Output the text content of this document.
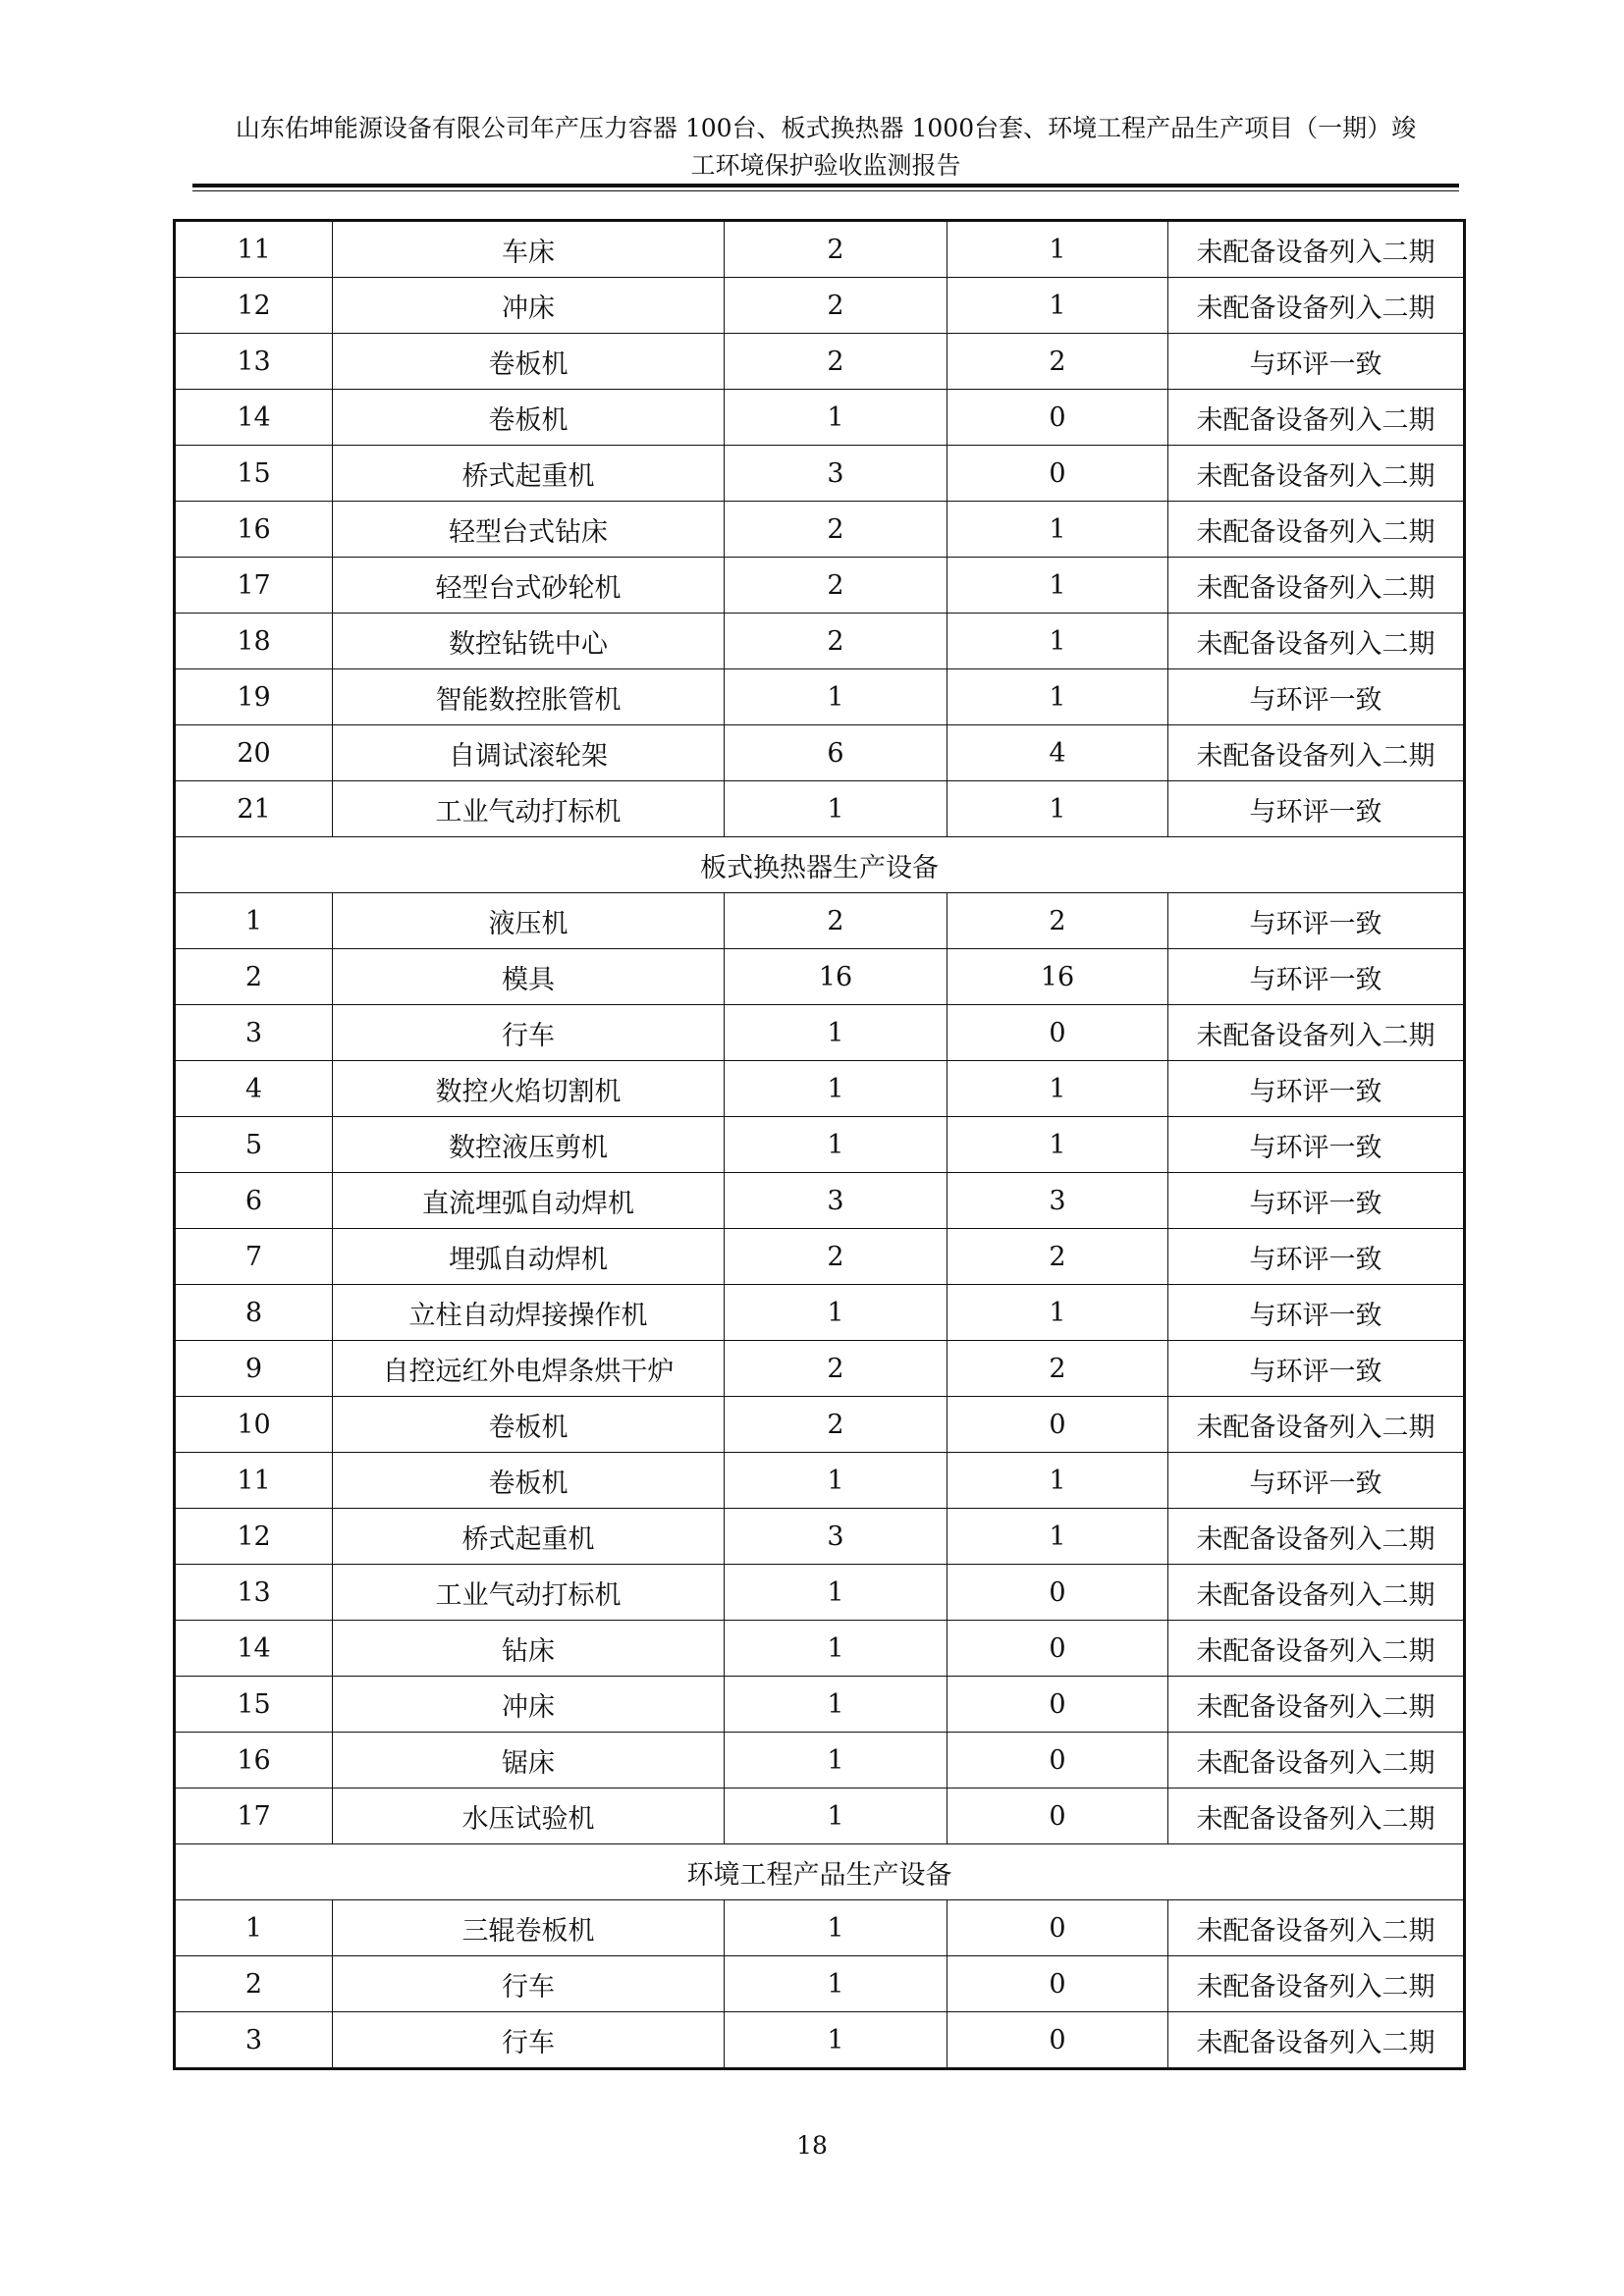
山东佑坤能源设备有限公司年产压力容器 100台、板式换热器 1000台套、环境工程产品生产项目（一期）竣
工环境保护验收监测报告
11	车床	2	1	未配备设备列入二期
12	冲床	2	1	未配备设备列入二期
13	卷板机	2	2	与环评一致
14	卷板机	1	0	未配备设备列入二期
15	桥式起重机	3	0	未配备设备列入二期
16	轻型台式钻床	2	1	未配备设备列入二期
17	轻型台式砂轮机	2	1	未配备设备列入二期
18	数控钻铣中心	2	1	未配备设备列入二期
19	智能数控胀管机	1	1	与环评一致
20	自调试滚轮架	6	4	未配备设备列入二期
21	工业气动打标机	1	1	与环评一致
板式换热器生产设备				
1	液压机	2	2	与环评一致
2	模具	16	16	与环评一致
3	行车	1	0	未配备设备列入二期
4	数控火焰切割机	1	1	与环评一致
5	数控液压剪机	1	1	与环评一致
6	直流埋弧自动焊机	3	3	与环评一致
7	埋弧自动焊机	2	2	与环评一致
8	立柱自动焊接操作机	1	1	与环评一致
9	自控远红外电焊条烘干炉	2	2	与环评一致
10	卷板机	2	0	未配备设备列入二期
11	卷板机	1	1	与环评一致
12	桥式起重机	3	1	未配备设备列入二期
13	工业气动打标机	1	0	未配备设备列入二期
14	钻床	1	0	未配备设备列入二期
15	冲床	1	0	未配备设备列入二期
16	锯床	1	0	未配备设备列入二期
17	水压试验机	1	0	未配备设备列入二期
环境工程产品生产设备				
1	三辊卷板机	1	0	未配备设备列入二期
2	行车	1	0	未配备设备列入二期
3	行车	1	0	未配备设备列入二期
18
